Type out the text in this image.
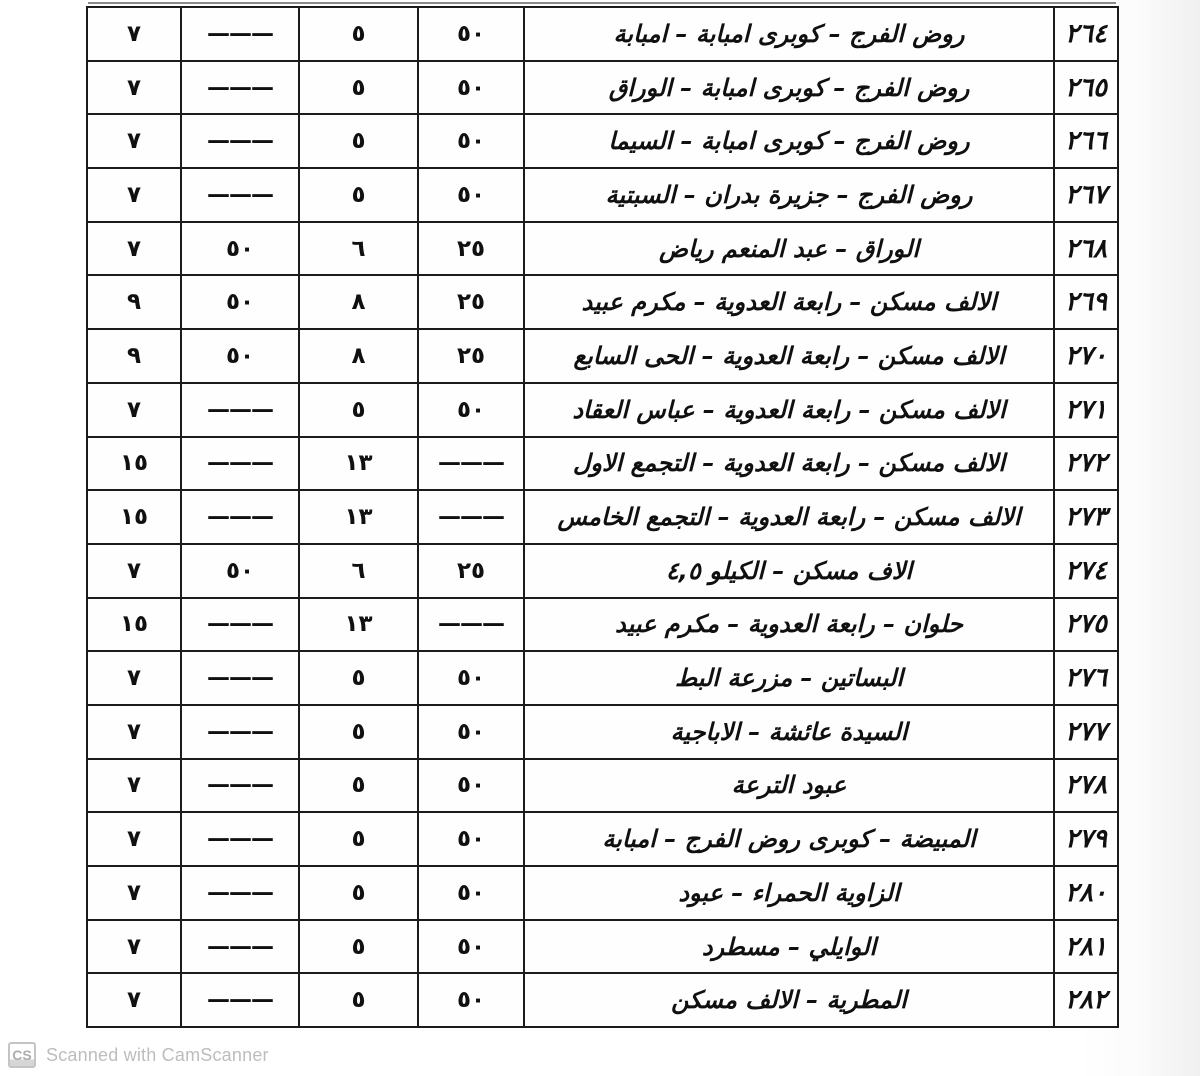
٢٦٤	روض الفرج – كوبرى امبابة – امبابة	٥٠	٥	———	٧
٢٦٥	روض الفرج – كوبرى امبابة – الوراق	٥٠	٥	———	٧
٢٦٦	روض الفرج – كوبرى امبابة – السيما	٥٠	٥	———	٧
٢٦٧	روض الفرج – جزيرة بدران – السبتية	٥٠	٥	———	٧
٢٦٨	الوراق – عبد المنعم رياض	٢٥	٦	٥٠	٧
٢٦٩	الالف مسكن – رابعة العدوية – مكرم عبيد	٢٥	٨	٥٠	٩
٢٧٠	الالف مسكن – رابعة العدوية – الحى السابع	٢٥	٨	٥٠	٩
٢٧١	الالف مسكن – رابعة العدوية – عباس العقاد	٥٠	٥	———	٧
٢٧٢	الالف مسكن – رابعة العدوية – التجمع الاول	———	١٣	———	١٥
٢٧٣	الالف مسكن – رابعة العدوية – التجمع الخامس	———	١٣	———	١٥
٢٧٤	الاف مسكن – الكيلو ٤,٥	٢٥	٦	٥٠	٧
٢٧٥	حلوان – رابعة العدوية – مكرم عبيد	———	١٣	———	١٥
٢٧٦	البساتين – مزرعة البط	٥٠	٥	———	٧
٢٧٧	السيدة عائشة – الاباجية	٥٠	٥	———	٧
٢٧٨	عبود الترعة	٥٠	٥	———	٧
٢٧٩	المبيضة – كوبرى روض الفرج – امبابة	٥٠	٥	———	٧
٢٨٠	الزاوية الحمراء – عبود	٥٠	٥	———	٧
٢٨١	الوايلي – مسطرد	٥٠	٥	———	٧
٢٨٢	المطرية – الالف مسكن	٥٠	٥	———	٧
CS Scanned with CamScanner
